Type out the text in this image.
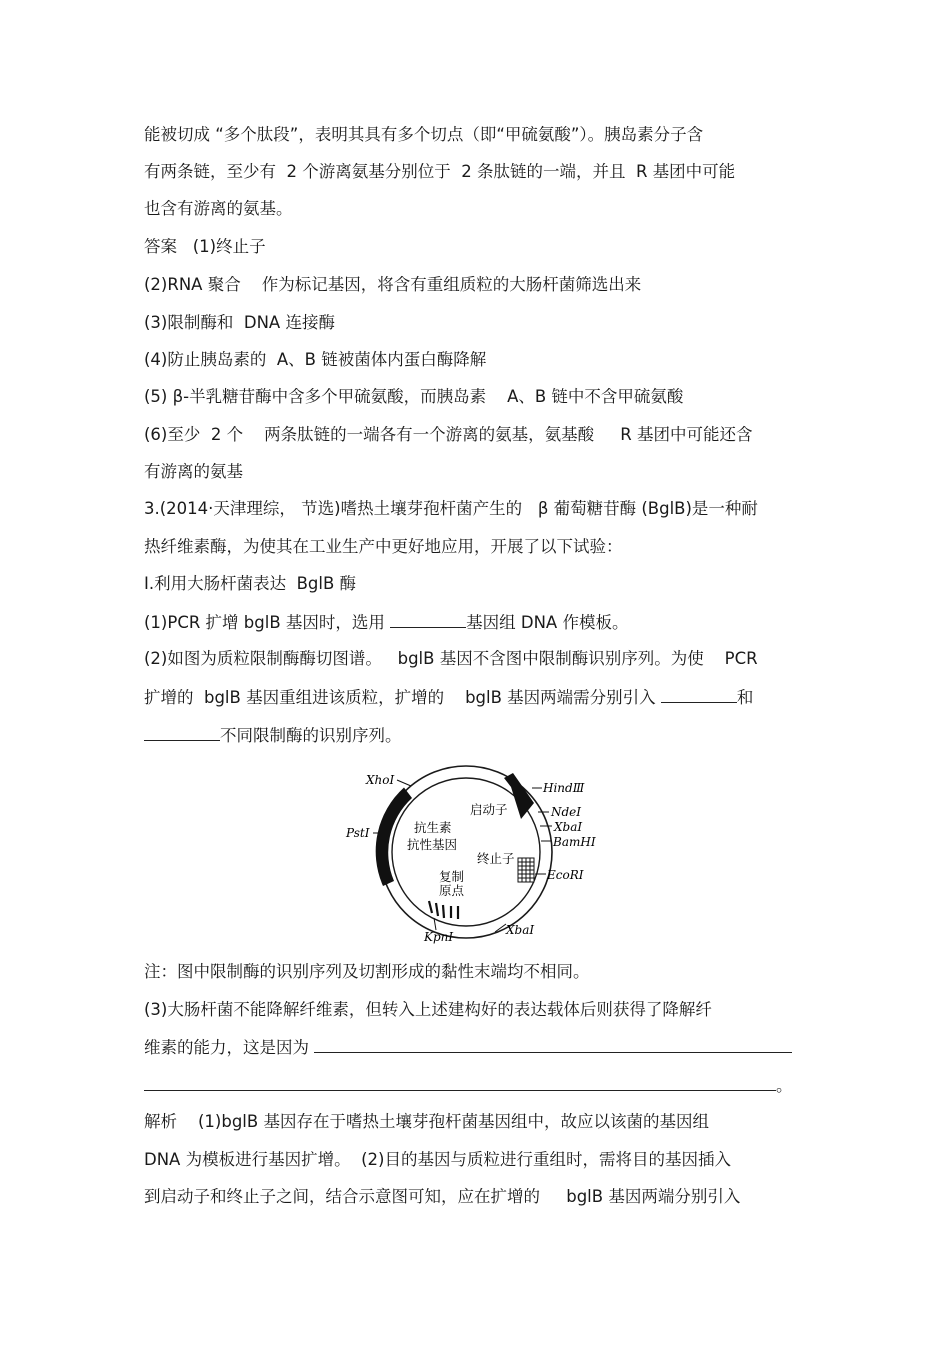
能被切成 “多个肽段”，表明其具有多个切点（即“甲硫氨酸”）。胰岛素分子含
有两条链，至少有  2 个游离氨基分别位于  2 条肽链的一端，并且  R 基团中可能
也含有游离的氨基。
答案   (1)终止子
(2)RNA 聚合    作为标记基因，将含有重组质粒的大肠杆菌筛选出来
(3)限制酶和  DNA 连接酶
(4)防止胰岛素的  A、B 链被菌体内蛋白酶降解
(5) β-半乳糖苷酶中含多个甲硫氨酸，而胰岛素    A、B 链中不含甲硫氨酸
(6)至少  2 个    两条肽链的一端各有一个游离的氨基，氨基酸     R 基团中可能还含
有游离的氨基
3.(2014·天津理综， 节选)嗜热土壤芽孢杆菌产生的   β 葡萄糖苷酶 (BglB)是一种耐
热纤维素酶，为使其在工业生产中更好地应用，开展了以下试验：
Ⅰ.利用大肠杆菌表达  BglB 酶
(1)PCR 扩增 bglB 基因时，选用	基因组 DNA 作模板。
(2)如图为质粒限制酶酶切图谱。   bglB 基因不含图中限制酶识别序列。为使    PCR
扩增的  bglB 基因重组进该质粒，扩增的    bglB 基因两端需分别引入	和
不同限制酶的识别序列。
XhoⅠ
PstⅠ
HindⅢ
NdeⅠ
XbaⅠ
BamHⅠ
EcoRⅠ
XbaⅠ
KpnⅠ
启动子
抗生素
抗性基因
终止子
复制
原点
注：图中限制酶的识别序列及切割形成的黏性末端均不相同。
(3)大肠杆菌不能降解纤维素，但转入上述建构好的表达载体后则获得了降解纤
维素的能力，这是因为
。
解析    (1)bglB 基因存在于嗜热土壤芽孢杆菌基因组中，故应以该菌的基因组
DNA 为模板进行基因扩增。  (2)目的基因与质粒进行重组时，需将目的基因插入
到启动子和终止子之间，结合示意图可知，应在扩增的     bglB 基因两端分别引入
